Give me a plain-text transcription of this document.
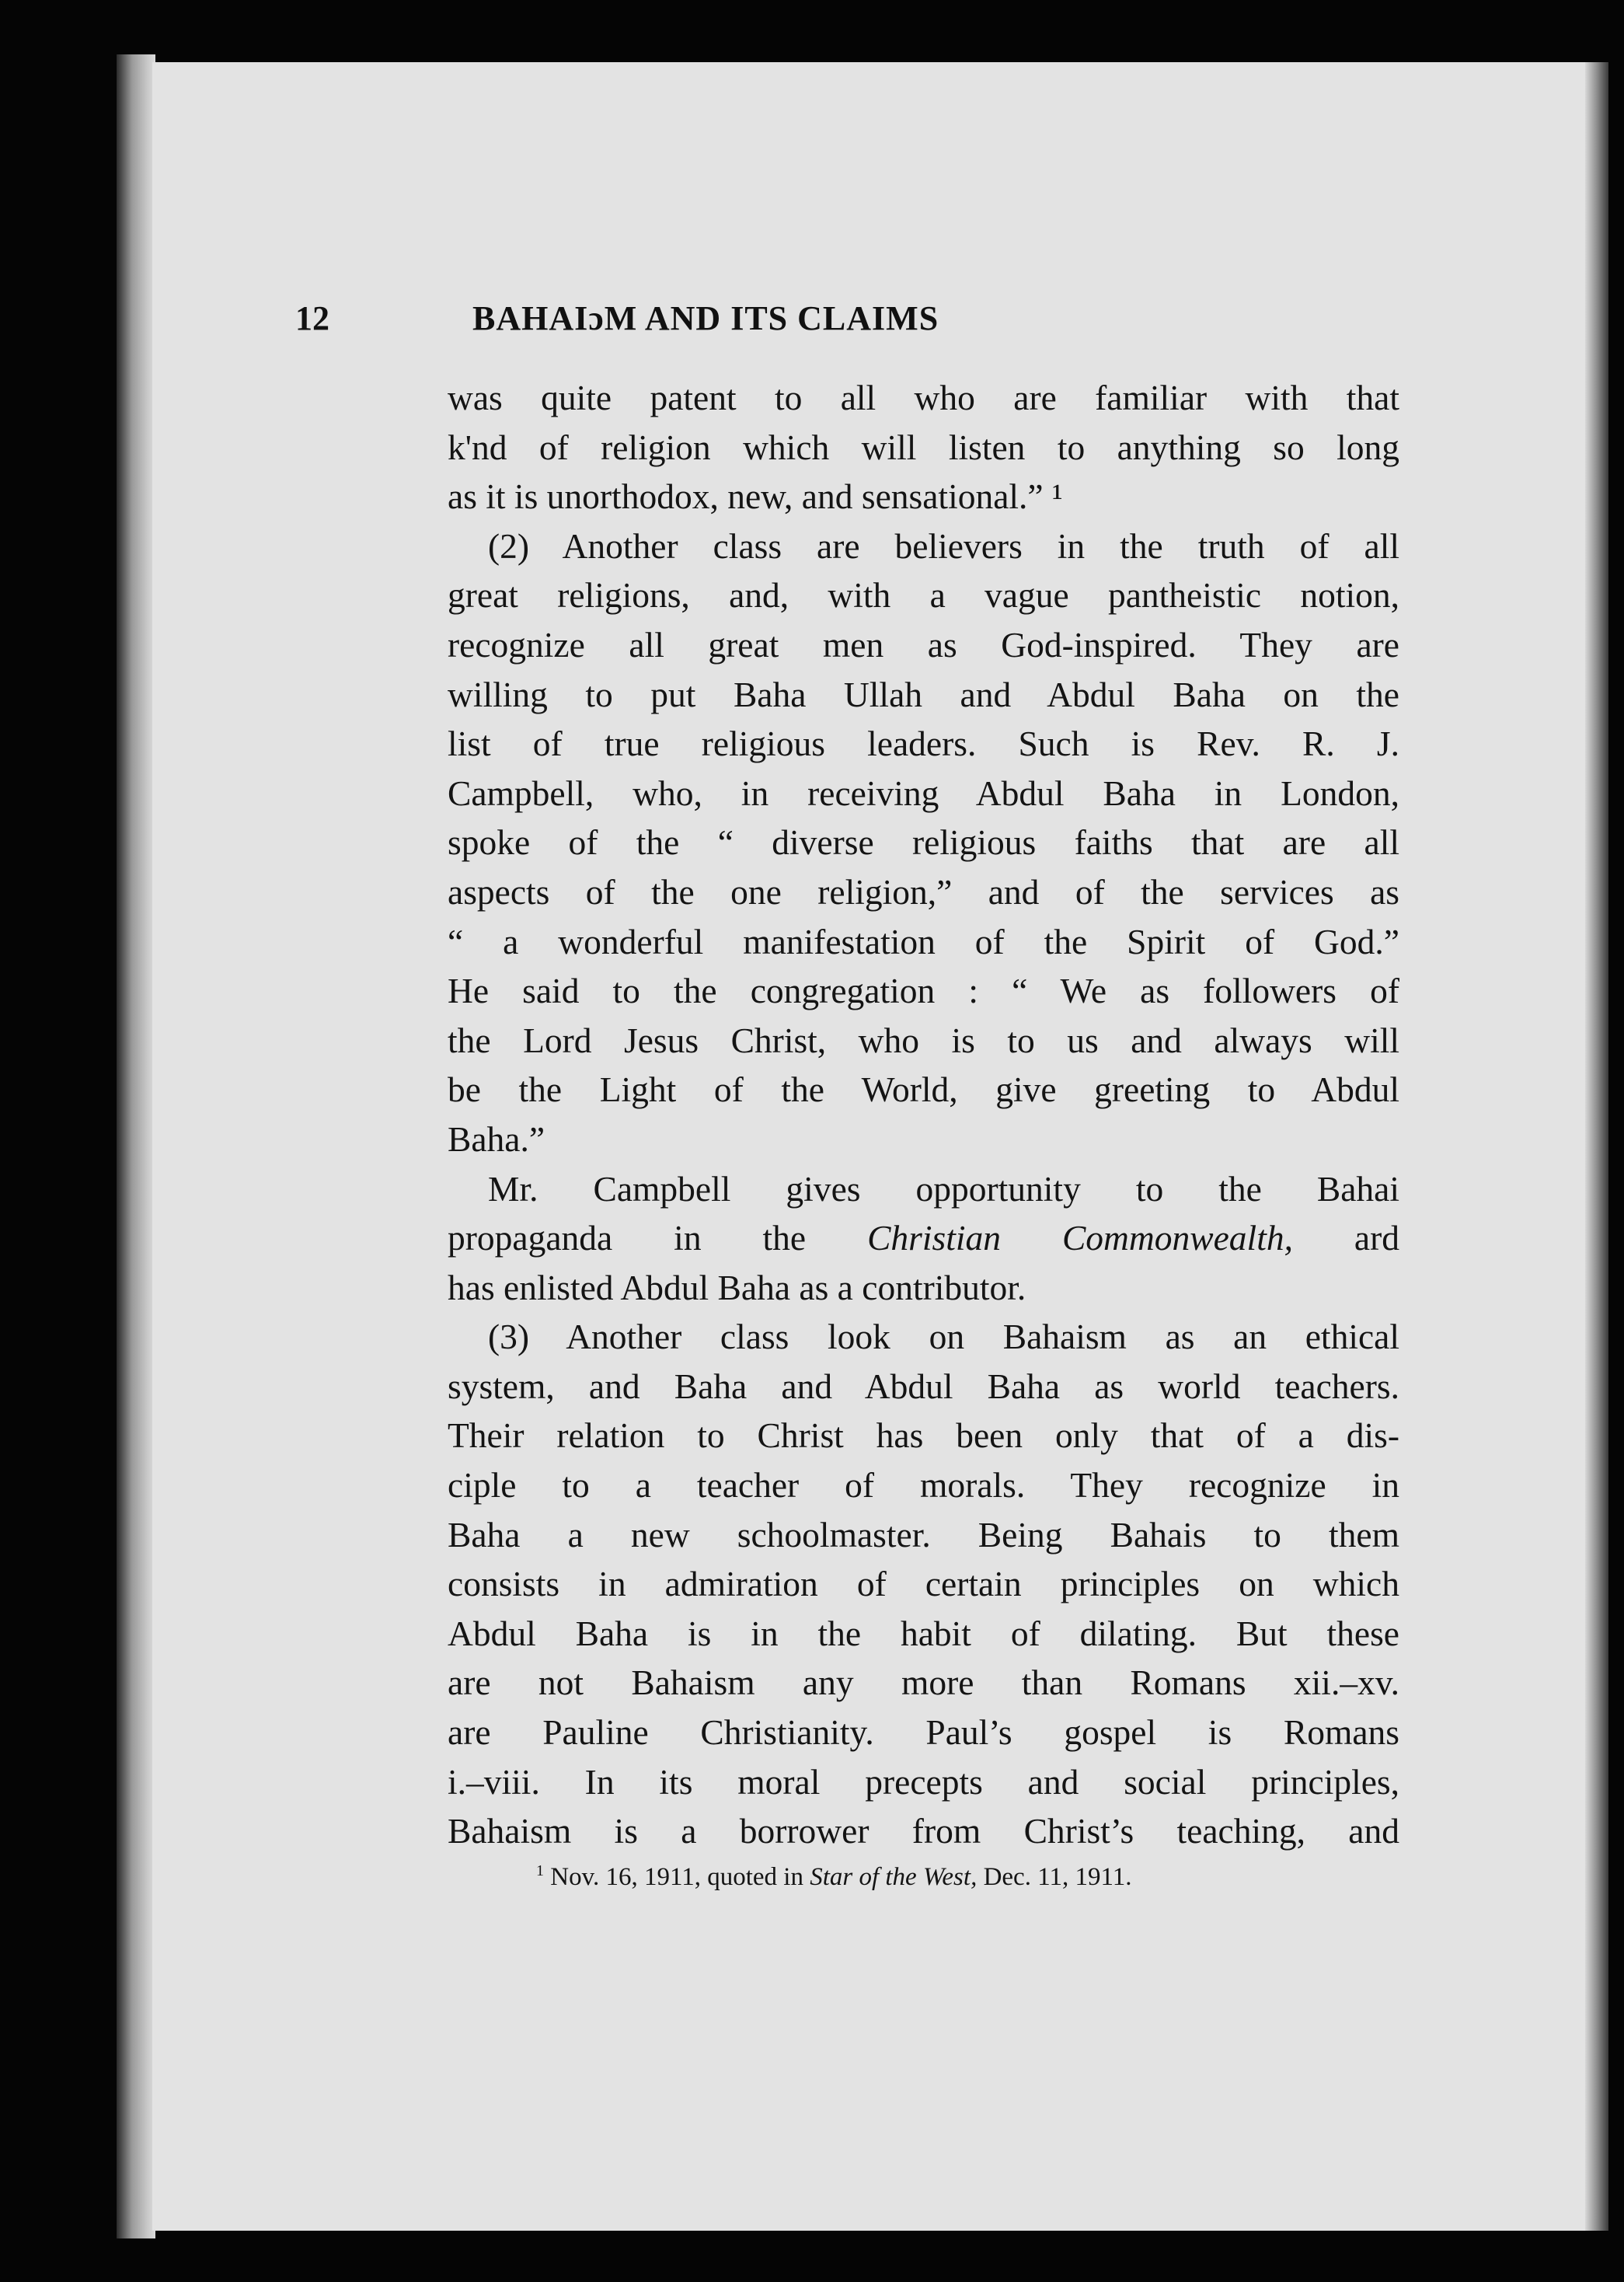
12	BAHAIɔM AND ITS CLAIMS
was quite patent to all who are familiar with that
k'nd of religion which will listen to anything so long
as it is unorthodox, new, and sensational.” ¹
(2) Another class are believers in the truth of all
great religions, and, with a vague pantheistic notion,
recognize all great men as God-inspired. They are
willing to put Baha Ullah and Abdul Baha on the
list of true religious leaders. Such is Rev. R. J.
Campbell, who, in receiving Abdul Baha in London,
spoke of the “ diverse religious faiths that are all
aspects of the one religion,” and of the services as
“ a wonderful manifestation of the Spirit of God.”
He said to the congregation : “ We as followers of
the Lord Jesus Christ, who is to us and always will
be the Light of the World, give greeting to Abdul
Baha.”
Mr. Campbell gives opportunity to the Bahai
propaganda in the Christian Commonwealth, ard
has enlisted Abdul Baha as a contributor.
(3) Another class look on Bahaism as an ethical
system, and Baha and Abdul Baha as world teachers.
Their relation to Christ has been only that of a dis-
ciple to a teacher of morals. They recognize in
Baha a new schoolmaster. Being Bahais to them
consists in admiration of certain principles on which
Abdul Baha is in the habit of dilating. But these
are not Bahaism any more than Romans xii.–xv.
are Pauline Christianity. Paul’s gospel is Romans
i.–viii. In its moral precepts and social principles,
Bahaism is a borrower from Christ’s teaching, and
$^1$ Nov. 16, 1911, quoted in Star of the West, Dec. 11, 1911.
